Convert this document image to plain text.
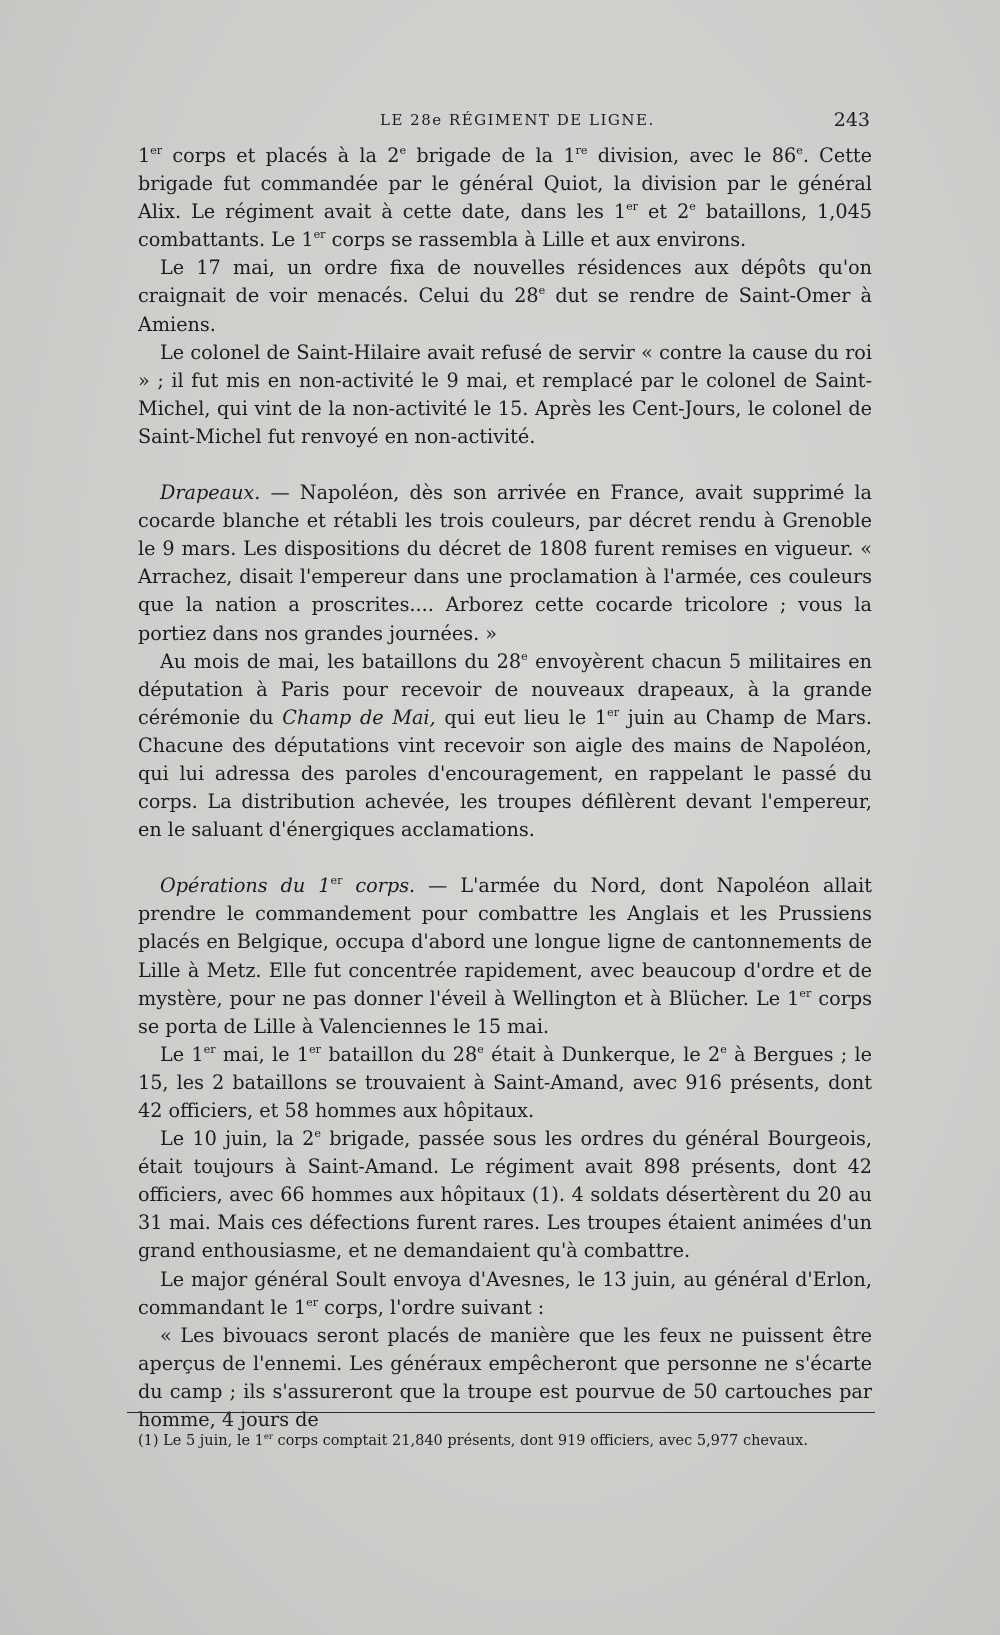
LE 28e RÉGIMENT DE LIGNE.	243

1er corps et placés à la 2e brigade de la 1re division, avec le 86e. Cette brigade fut commandée par le général Quiot, la division par le général Alix. Le régiment avait à cette date, dans les 1er et 2e bataillons, 1,045 combattants. Le 1er corps se rassembla à Lille et aux environs.

Le 17 mai, un ordre fixa de nouvelles résidences aux dépôts qu'on craignait de voir menacés. Celui du 28e dut se rendre de Saint-Omer à Amiens.

Le colonel de Saint-Hilaire avait refusé de servir « contre la cause du roi » ; il fut mis en non-activité le 9 mai, et remplacé par le colonel de Saint-Michel, qui vint de la non-activité le 15. Après les Cent-Jours, le colonel de Saint-Michel fut renvoyé en non-activité.

Drapeaux. — Napoléon, dès son arrivée en France, avait supprimé la cocarde blanche et rétabli les trois couleurs, par décret rendu à Grenoble le 9 mars. Les dispositions du décret de 1808 furent remises en vigueur. « Arrachez, disait l'empereur dans une proclamation à l'armée, ces couleurs que la nation a proscrites.... Arborez cette cocarde tricolore ; vous la portiez dans nos grandes journées. »

Au mois de mai, les bataillons du 28e envoyèrent chacun 5 militaires en députation à Paris pour recevoir de nouveaux drapeaux, à la grande cérémonie du Champ de Mai, qui eut lieu le 1er juin au Champ de Mars. Chacune des députations vint recevoir son aigle des mains de Napoléon, qui lui adressa des paroles d'encouragement, en rappelant le passé du corps. La distribution achevée, les troupes défilèrent devant l'empereur, en le saluant d'énergiques acclamations.

Opérations du 1er corps. — L'armée du Nord, dont Napoléon allait prendre le commandement pour combattre les Anglais et les Prussiens placés en Belgique, occupa d'abord une longue ligne de cantonnements de Lille à Metz. Elle fut concentrée rapidement, avec beaucoup d'ordre et de mystère, pour ne pas donner l'éveil à Wellington et à Blücher. Le 1er corps se porta de Lille à Valenciennes le 15 mai.

Le 1er mai, le 1er bataillon du 28e était à Dunkerque, le 2e à Bergues ; le 15, les 2 bataillons se trouvaient à Saint-Amand, avec 916 présents, dont 42 officiers, et 58 hommes aux hôpitaux.

Le 10 juin, la 2e brigade, passée sous les ordres du général Bourgeois, était toujours à Saint-Amand. Le régiment avait 898 présents, dont 42 officiers, avec 66 hommes aux hôpitaux (1). 4 soldats désertèrent du 20 au 31 mai. Mais ces défections furent rares. Les troupes étaient animées d'un grand enthousiasme, et ne demandaient qu'à combattre.

Le major général Soult envoya d'Avesnes, le 13 juin, au général d'Erlon, commandant le 1er corps, l'ordre suivant :

« Les bivouacs seront placés de manière que les feux ne puissent être aperçus de l'ennemi. Les généraux empêcheront que personne ne s'écarte du camp ; ils s'assureront que la troupe est pourvue de 50 cartouches par homme, 4 jours de

(1) Le 5 juin, le 1er corps comptait 21,840 présents, dont 919 officiers, avec 5,977 chevaux.
